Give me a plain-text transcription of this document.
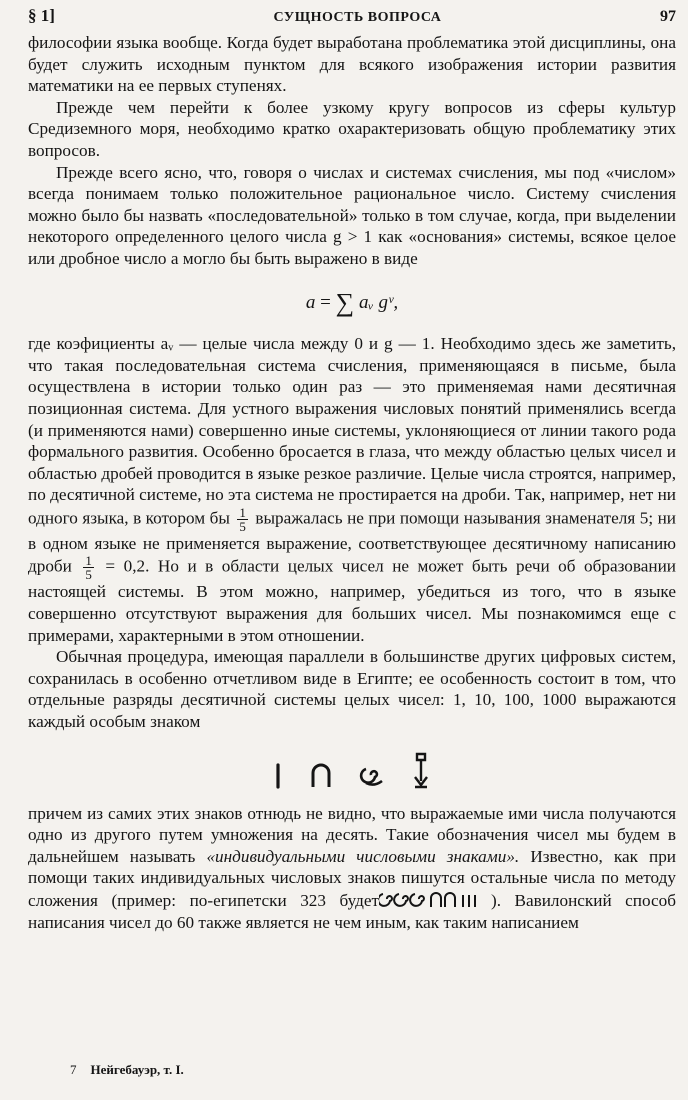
§ 1]	СУЩНОСТЬ ВОПРОСА	97

философии языка вообще. Когда будет выработана проблематика этой дисциплины, она будет служить исходным пунктом для всякого изображения истории развития математики на ее первых ступенях.

Прежде чем перейти к более узкому кругу вопросов из сферы культур Средиземного моря, необходимо кратко охарактеризовать общую проблематику этих вопросов.

Прежде всего ясно, что, говоря о числах и системах счисления, мы под «числом» всегда понимаем только положительное рациональное число. Систему счисления можно было бы назвать «последовательной» только в том случае, когда, при выделении некоторого определенного целого числа g > 1 как «основания» системы, всякое целое или дробное число a могло бы быть выражено в виде

a = ∑ aᵥ gᵛ,

где коэфициенты aᵥ — целые числа между 0 и g — 1. Необходимо здесь же заметить, что такая последовательная система счисления, применяющаяся в письме, была осуществлена в истории только один раз — это применяемая нами десятичная позиционная система. Для устного выражения числовых понятий применялись всегда (и применяются нами) совершенно иные системы, уклоняющиеся от линии такого рода формального развития. Особенно бросается в глаза, что между областью целых чисел и областью дробей проводится в языке резкое различие. Целые числа строятся, например, по десятичной системе, но эта система не простирается на дроби. Так, например, нет ни одного языка, в котором бы $\frac{1}{5}$ выражалась не при помощи называния знаменателя 5; ни в одном языке не применяется выражение, соответствующее десятичному написанию дроби $\frac{1}{5} = 0,2$. Но и в области целых чисел не может быть речи об образовании настоящей системы. В этом можно, например, убедиться из того, что в языке совершенно отсутствуют выражения для больших чисел. Мы познакомимся еще с примерами, характерными в этом отношении.

Обычная процедура, имеющая параллели в большинстве других цифровых систем, сохранилась в особенно отчетливом виде в Египте; ее особенность состоит в том, что отдельные разряды десятичной системы целых чисел: 1, 10, 100, 1000 выражаются каждый особым знаком

причем из самих этих знаков отнюдь не видно, что выражаемые ими числа получаются одно из другого путем умножения на десять. Такие обозначения чисел мы будем в дальнейшем называть «индивидуальными числовыми знаками». Известно, как при помощи таких индивидуальных числовых знаков пишутся остальные числа по методу сложения (пример: по-египетски 323 будет	). Вавилонский способ написания чисел до 60 также является не чем иным, как таким написанием

7 Нейгебауэр, т. I.
